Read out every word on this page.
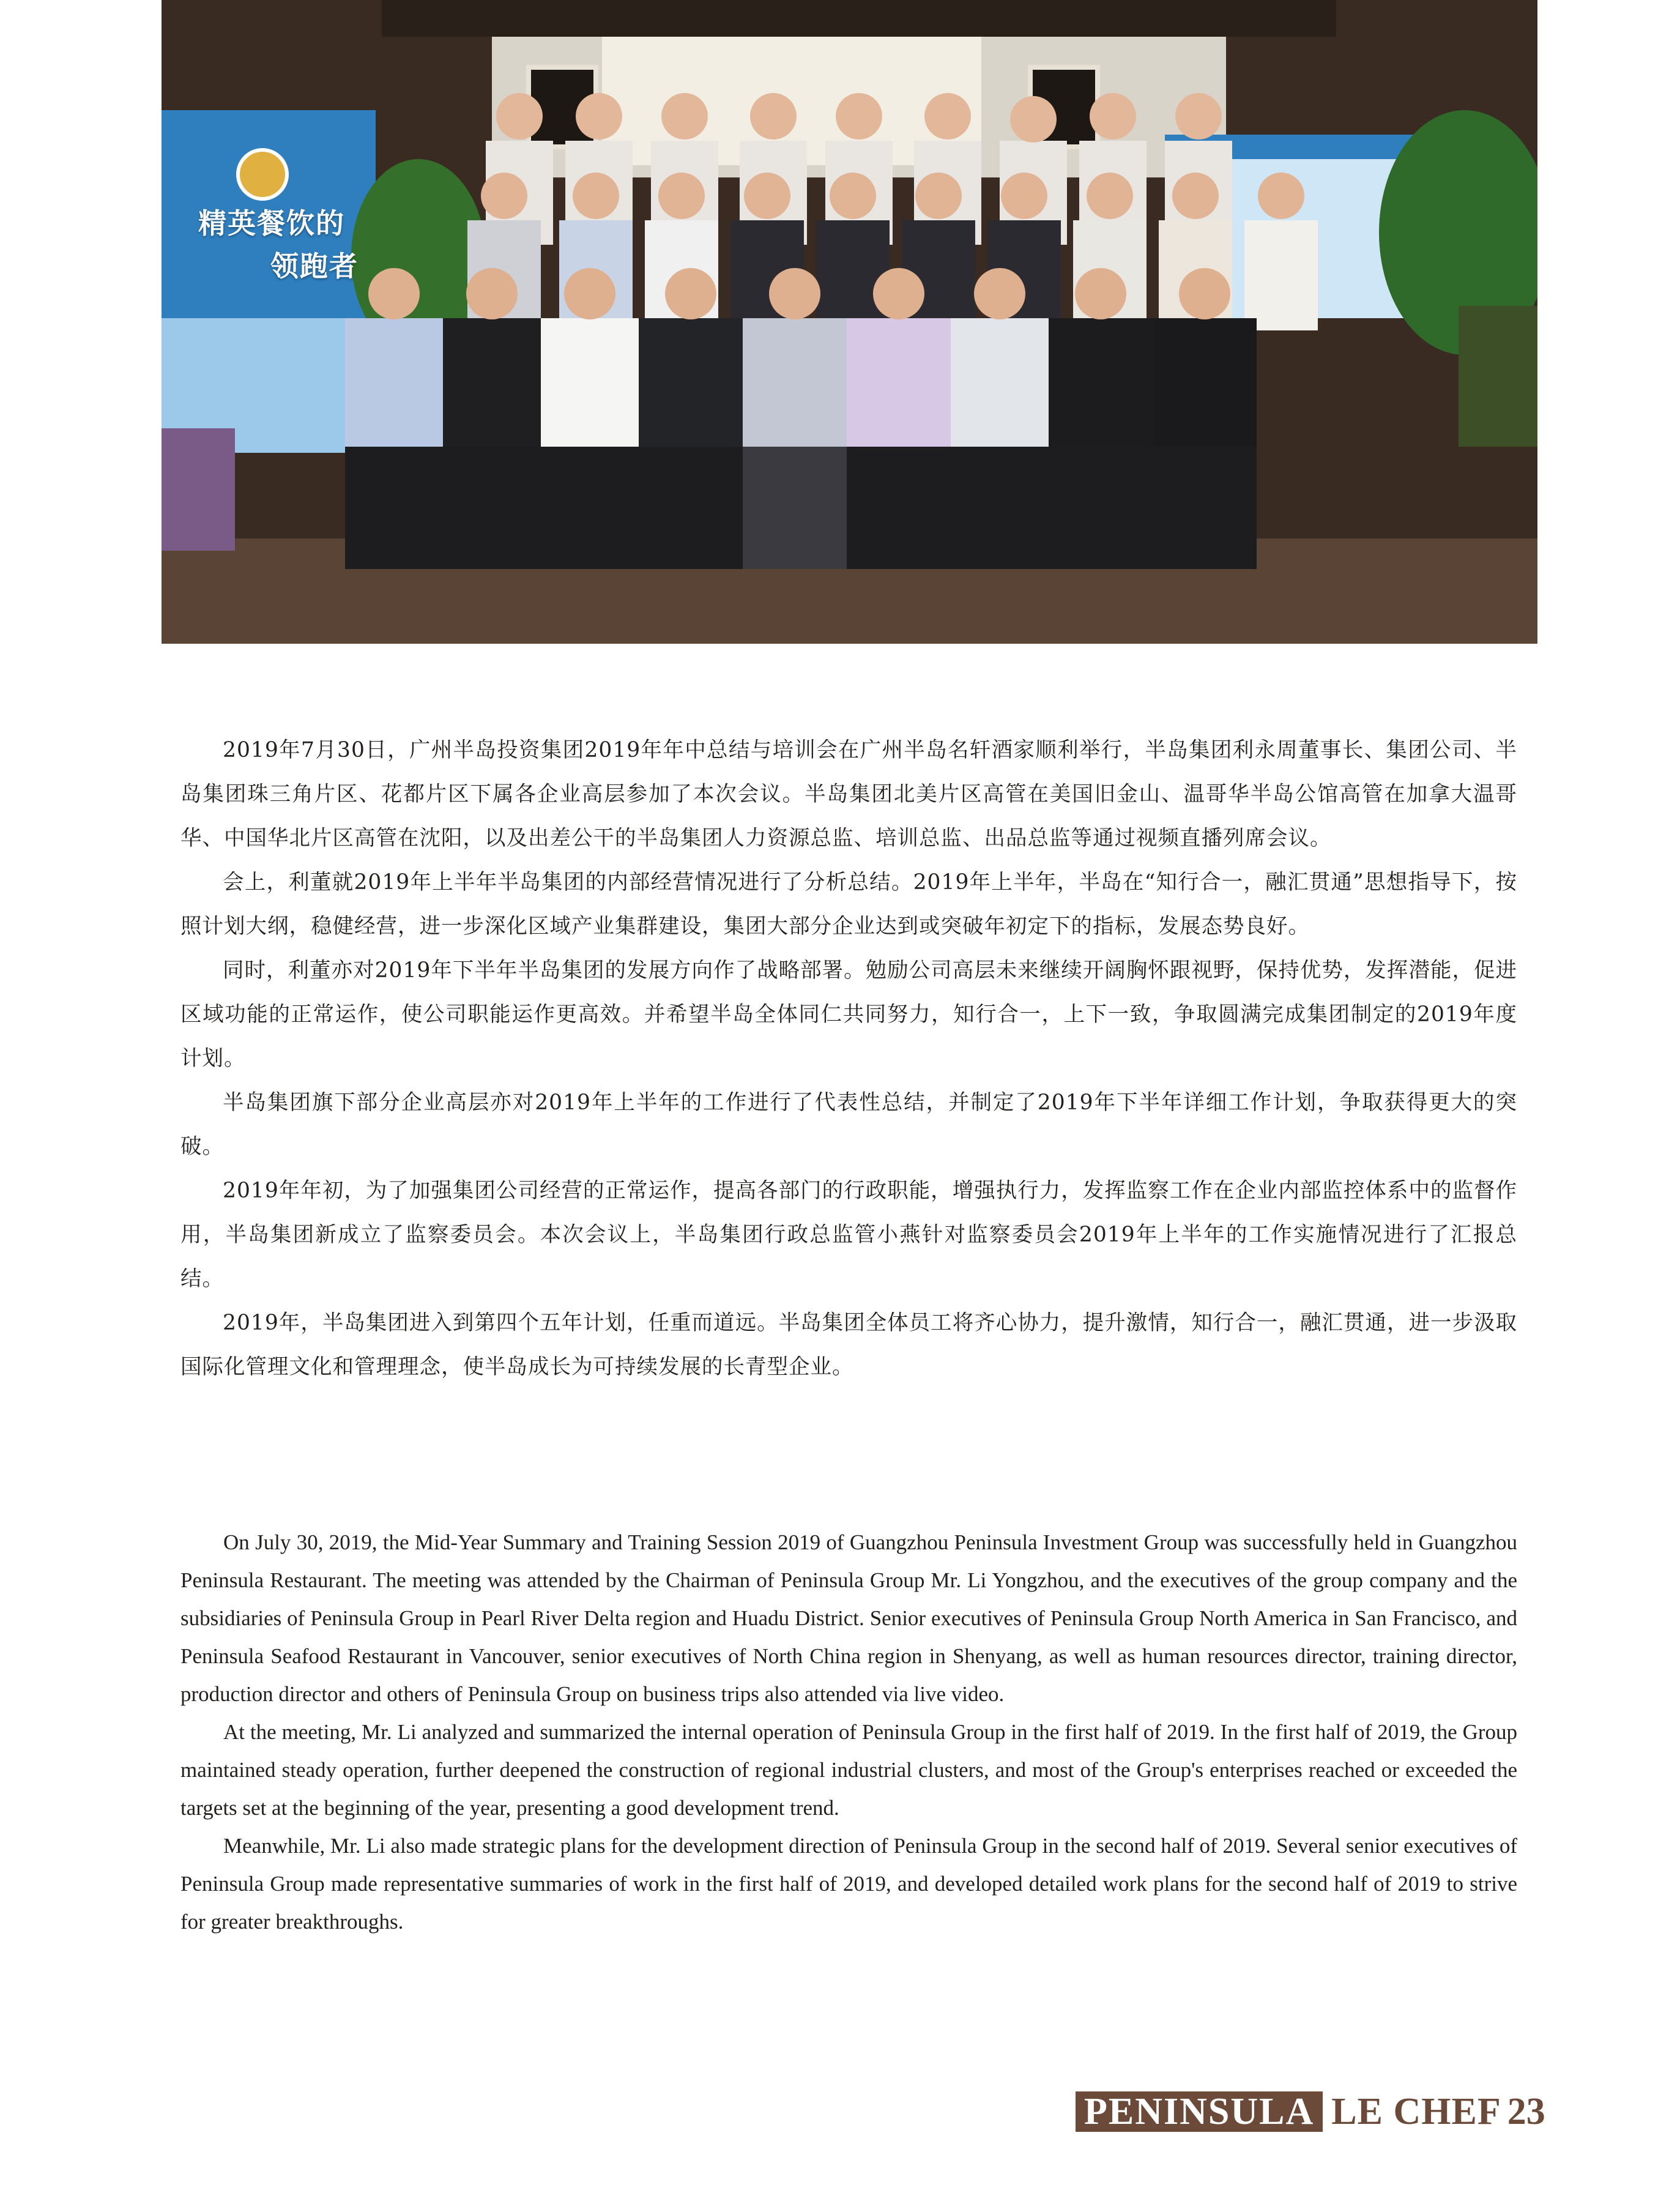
精英餐饮的
领跑者

2019年7月30日，广州半岛投资集团2019年年中总结与培训会在广州半岛名轩酒家顺利举行，半岛集团利永周董事长、集团公司、半岛集团珠三角片区、花都片区下属各企业高层参加了本次会议。半岛集团北美片区高管在美国旧金山、温哥华半岛公馆高管在加拿大温哥华、中国华北片区高管在沈阳，以及出差公干的半岛集团人力资源总监、培训总监、出品总监等通过视频直播列席会议。

会上，利董就2019年上半年半岛集团的内部经营情况进行了分析总结。2019年上半年，半岛在“知行合一，融汇贯通”思想指导下，按照计划大纲，稳健经营，进一步深化区域产业集群建设，集团大部分企业达到或突破年初定下的指标，发展态势良好。

同时，利董亦对2019年下半年半岛集团的发展方向作了战略部署。勉励公司高层未来继续开阔胸怀跟视野，保持优势，发挥潜能，促进区域功能的正常运作，使公司职能运作更高效。并希望半岛全体同仁共同努力，知行合一，上下一致，争取圆满完成集团制定的2019年度计划。

半岛集团旗下部分企业高层亦对2019年上半年的工作进行了代表性总结，并制定了2019年下半年详细工作计划，争取获得更大的突破。

2019年年初，为了加强集团公司经营的正常运作，提高各部门的行政职能，增强执行力，发挥监察工作在企业内部监控体系中的监督作用，半岛集团新成立了监察委员会。本次会议上，半岛集团行政总监管小燕针对监察委员会2019年上半年的工作实施情况进行了汇报总结。

2019年，半岛集团进入到第四个五年计划，任重而道远。半岛集团全体员工将齐心协力，提升激情，知行合一，融汇贯通，进一步汲取国际化管理文化和管理理念，使半岛成长为可持续发展的长青型企业。

On July 30, 2019, the Mid-Year Summary and Training Session 2019 of Guangzhou Peninsula Investment Group was successfully held in Guangzhou Peninsula Restaurant. The meeting was attended by the Chairman of Peninsula Group Mr. Li Yongzhou, and the executives of the group company and the subsidiaries of Peninsula Group in Pearl River Delta region and Huadu District. Senior executives of Peninsula Group North America in San Francisco, and Peninsula Seafood Restaurant in Vancouver, senior executives of North China region in Shenyang, as well as human resources director, training director, production director and others of Peninsula Group on business trips also attended via live video.

At the meeting, Mr. Li analyzed and summarized the internal operation of Peninsula Group in the first half of 2019. In the first half of 2019, the Group maintained steady operation, further deepened the construction of regional industrial clusters, and most of the Group's enterprises reached or exceeded the targets set at the beginning of the year, presenting a good development trend.

Meanwhile, Mr. Li also made strategic plans for the development direction of Peninsula Group in the second half of 2019. Several senior executives of Peninsula Group made representative summaries of work in the first half of 2019, and developed detailed work plans for the second half of 2019 to strive for greater breakthroughs.

PENINSULA LE CHEF 23
